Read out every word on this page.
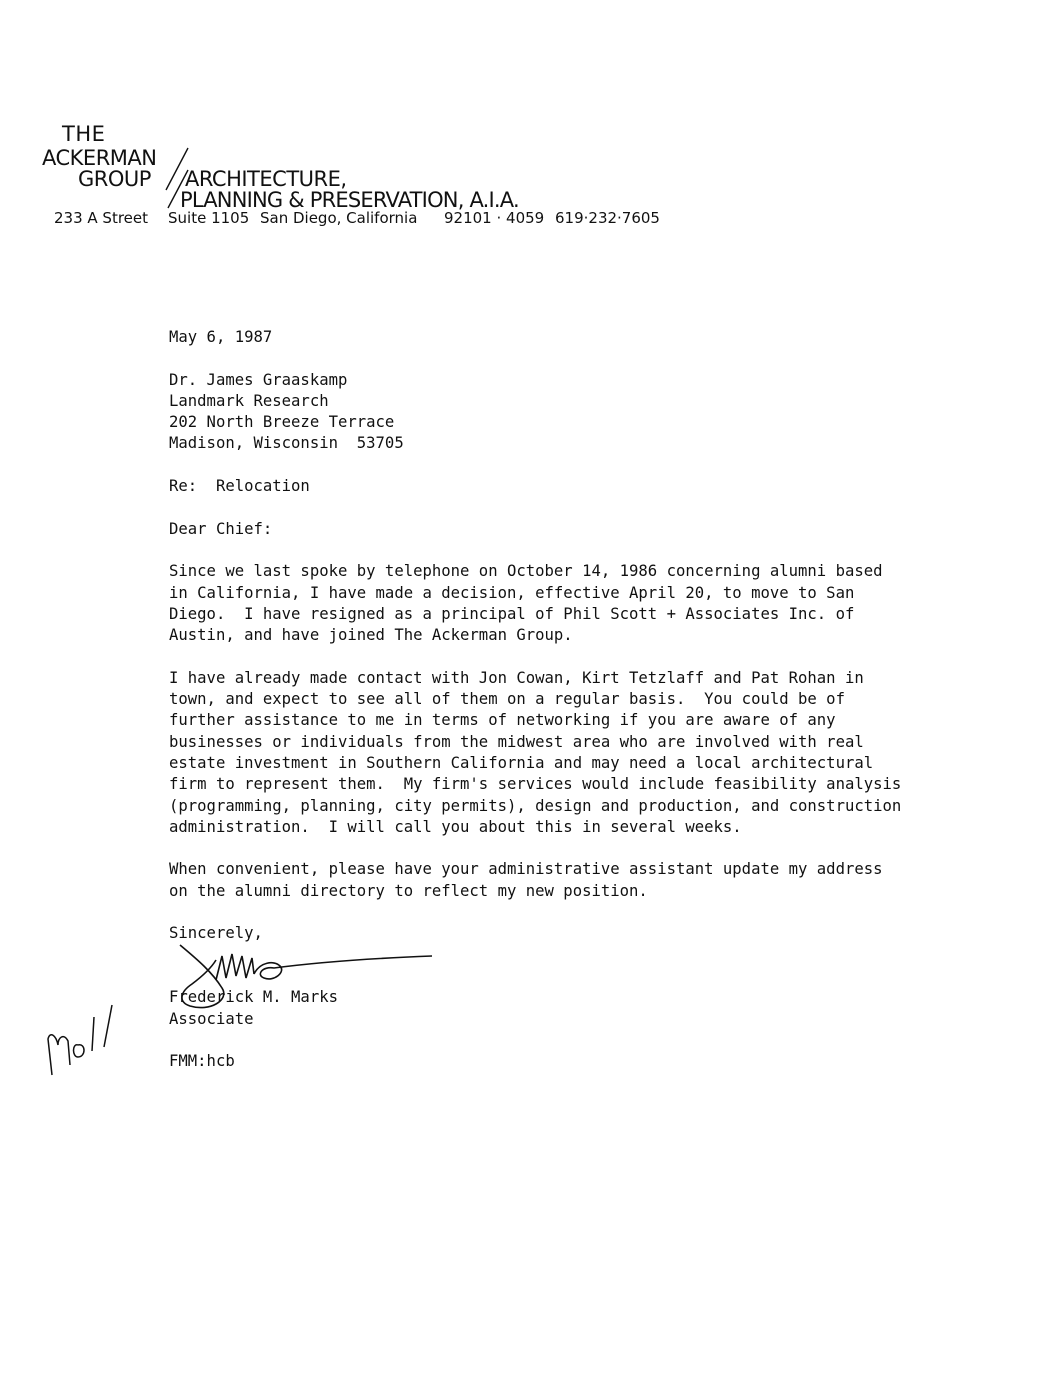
THE
ACKERMAN
GROUP ARCHITECTURE,
PLANNING & PRESERVATION, A.I.A.
233 A Street Suite 1105 San Diego, California 92101 · 4059 619·232·7605
May 6, 1987
Dr. James Graaskamp
Landmark Research
202 North Breeze Terrace
Madison, Wisconsin  53705
Re:  Relocation
Dear Chief:
Since we last spoke by telephone on October 14, 1986 concerning alumni based
in California, I have made a decision, effective April 20, to move to San
Diego.  I have resigned as a principal of Phil Scott + Associates Inc. of
Austin, and have joined The Ackerman Group.
I have already made contact with Jon Cowan, Kirt Tetzlaff and Pat Rohan in
town, and expect to see all of them on a regular basis.  You could be of
further assistance to me in terms of networking if you are aware of any
businesses or individuals from the midwest area who are involved with real
estate investment in Southern California and may need a local architectural
firm to represent them.  My firm's services would include feasibility analysis
(programming, planning, city permits), design and production, and construction
administration.  I will call you about this in several weeks.
When convenient, please have your administrative assistant update my address
on the alumni directory to reflect my new position.
Sincerely,
Frederick M. Marks
Associate
FMM:hcb
